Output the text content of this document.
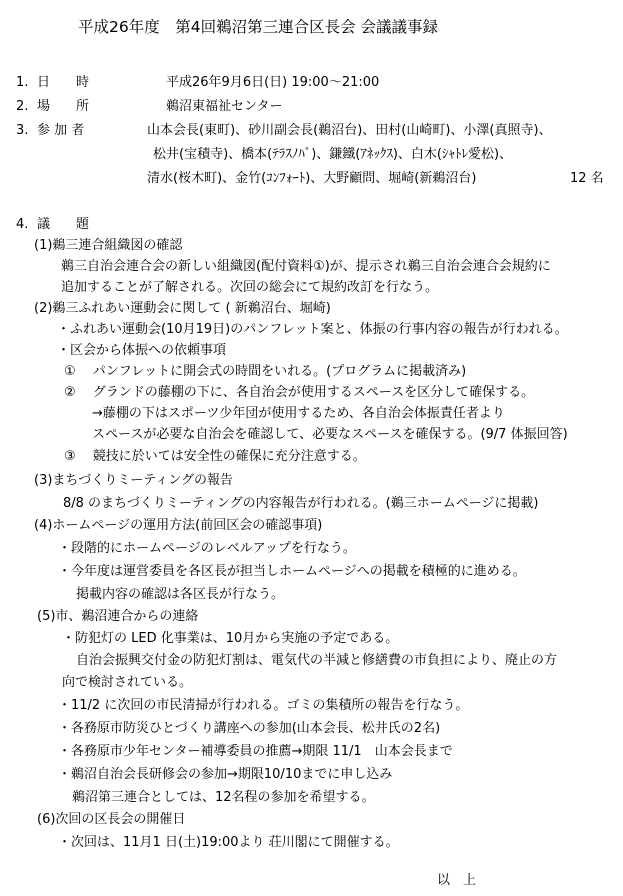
平成26年度　第4回鵜沼第三連合区長会 会議議事録
1. 日　　時	平成26年9月6日(日) 19:00～21:00
2. 場　　所	鵜沼東福祉センター
3. 参 加 者	山本会長(東町)、砂川副会長(鵜沼台)、田村(山崎町)、小澤(真照寺)、
松井(宝積寺)、橋本(ﾃﾗｽﾉﾊﾞ)、鎌鐵(ｱﾈｯｸｽ)、白木(ｼｬﾄﾚ愛松)、
清水(桜木町)、金竹(ｺﾝﾌｫｰﾄ)、大野顧問、堀崎(新鵜沼台)	12 名
4. 議　　題
(1)鵜三連合組織図の確認
鵜三自治会連合会の新しい組織図(配付資料①)が、提示され鵜三自治会連合会規約に
追加することが了解される。次回の総会にて規約改訂を行なう。
(2)鵜三ふれあい運動会に関して ( 新鵜沼台、堀崎)
・ふれあい運動会(10月19日)のパンフレット案と、体振の行事内容の報告が行われる。
・区会から体振への依頼事項
①　 パンフレットに開会式の時間をいれる。(プログラムに掲載済み)
②　 グランドの藤棚の下に、各自治会が使用するスペースを区分して確保する。
→藤棚の下はスポーツ少年団が使用するため、各自治会体振責任者より
スペースが必要な自治会を確認して、必要なスペースを確保する。(9/7 体振回答)
③　 競技に於いては安全性の確保に充分注意する。
(3)まちづくりミーティングの報告
8/8 のまちづくりミーティングの内容報告が行われる。(鵜三ホームページに掲載)
(4)ホームページの運用方法(前回区会の確認事項)
・段階的にホームページのレベルアップを行なう。
・今年度は運営委員を各区長が担当しホームページへの掲載を積極的に進める。
掲載内容の確認は各区長が行なう。
(5)市、鵜沼連合からの連絡
・防犯灯の LED 化事業は、10月から実施の予定である。
自治会振興交付金の防犯灯割は、電気代の半減と修繕費の市負担により、廃止の方
向で検討されている。
・11/2 に次回の市民清掃が行われる。ゴミの集積所の報告を行なう。
・各務原市防災ひとづくり講座への参加(山本会長、松井氏の2名)
・各務原市少年センター補導委員の推薦→期限 11/1　山本会長まで
・鵜沼自治会長研修会の参加→期限10/10までに申し込み
鵜沼第三連合としては、12名程の参加を希望する。
(6)次回の区長会の開催日
・次回は、11月1 日(土)19:00より 荘川閣にて開催する。
以　上
